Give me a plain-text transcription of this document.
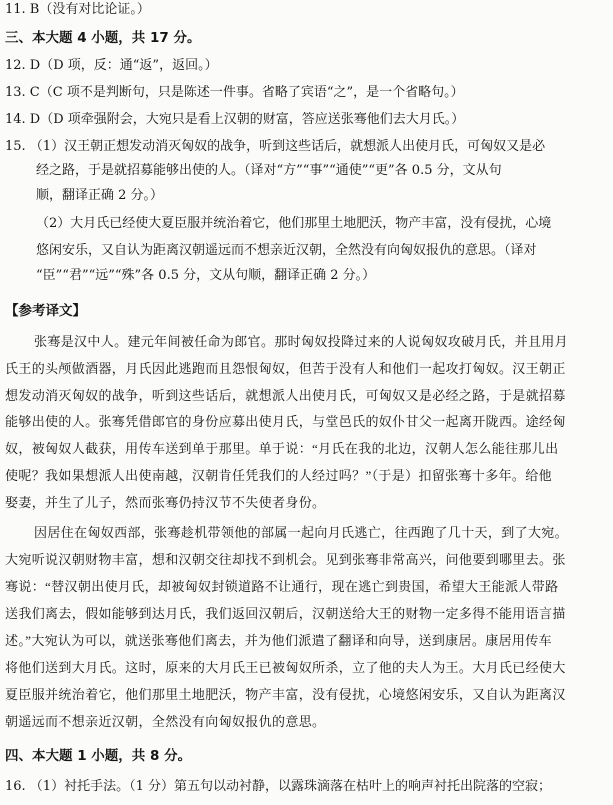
11. B（没有对比论证。）
三、本大题 4 小题，共 17 分。
12. D（D 项，反：通“返”，返回。）
13. C（C 项不是判断句，只是陈述一件事。省略了宾语“之”，是一个省略句。）
14. D（D 项牵强附会，大宛只是看上汉朝的财富，答应送张骞他们去大月氏。）
15. （1）汉王朝正想发动消灭匈奴的战争，听到这些话后，就想派人出使月氏，可匈奴又是必
经之路，于是就招募能够出使的人。（译对“方”“事”“通使”“更”各 0.5 分，文从句
顺，翻译正确 2 分。）
（2）大月氏已经使大夏臣服并统治着它，他们那里土地肥沃，物产丰富，没有侵扰，心境
悠闲安乐，又自认为距离汉朝遥远而不想亲近汉朝，全然没有向匈奴报仇的意思。（译对
“臣”“君”“远”“殊”各 0.5 分，文从句顺，翻译正确 2 分。）
【参考译文】
张骞是汉中人。建元年间被任命为郎官。那时匈奴投降过来的人说匈奴攻破月氏，并且用月
氏王的头颅做酒器，月氏因此逃跑而且怨恨匈奴，但苦于没有人和他们一起攻打匈奴。汉王朝正
想发动消灭匈奴的战争，听到这些话后，就想派人出使月氏，可匈奴又是必经之路，于是就招募
能够出使的人。张骞凭借郎官的身份应募出使月氏，与堂邑氏的奴仆甘父一起离开陇西。途经匈
奴，被匈奴人截获，用传车送到单于那里。单于说：“月氏在我的北边，汉朝人怎么能往那儿出
使呢？我如果想派人出使南越，汉朝肯任凭我们的人经过吗？”（于是）扣留张骞十多年。给他
娶妻，并生了儿子，然而张骞仍持汉节不失使者身份。
因居住在匈奴西部，张骞趁机带领他的部属一起向月氏逃亡，往西跑了几十天，到了大宛。
大宛听说汉朝财物丰富，想和汉朝交往却找不到机会。见到张骞非常高兴，问他要到哪里去。张
骞说：“替汉朝出使月氏，却被匈奴封锁道路不让通行，现在逃亡到贵国，希望大王能派人带路
送我们离去，假如能够到达月氏，我们返回汉朝后，汉朝送给大王的财物一定多得不能用语言描
述。”大宛认为可以，就送张骞他们离去，并为他们派遣了翻译和向导，送到康居。康居用传车
将他们送到大月氏。这时，原来的大月氏王已被匈奴所杀，立了他的夫人为王。大月氏已经使大
夏臣服并统治着它，他们那里土地肥沃，物产丰富，没有侵扰，心境悠闲安乐，又自认为距离汉
朝遥远而不想亲近汉朝，全然没有向匈奴报仇的意思。
四、本大题 1 小题，共 8 分。
16. （1）衬托手法。（1 分）第五句以动衬静，以露珠滴落在枯叶上的响声衬托出院落的空寂；
